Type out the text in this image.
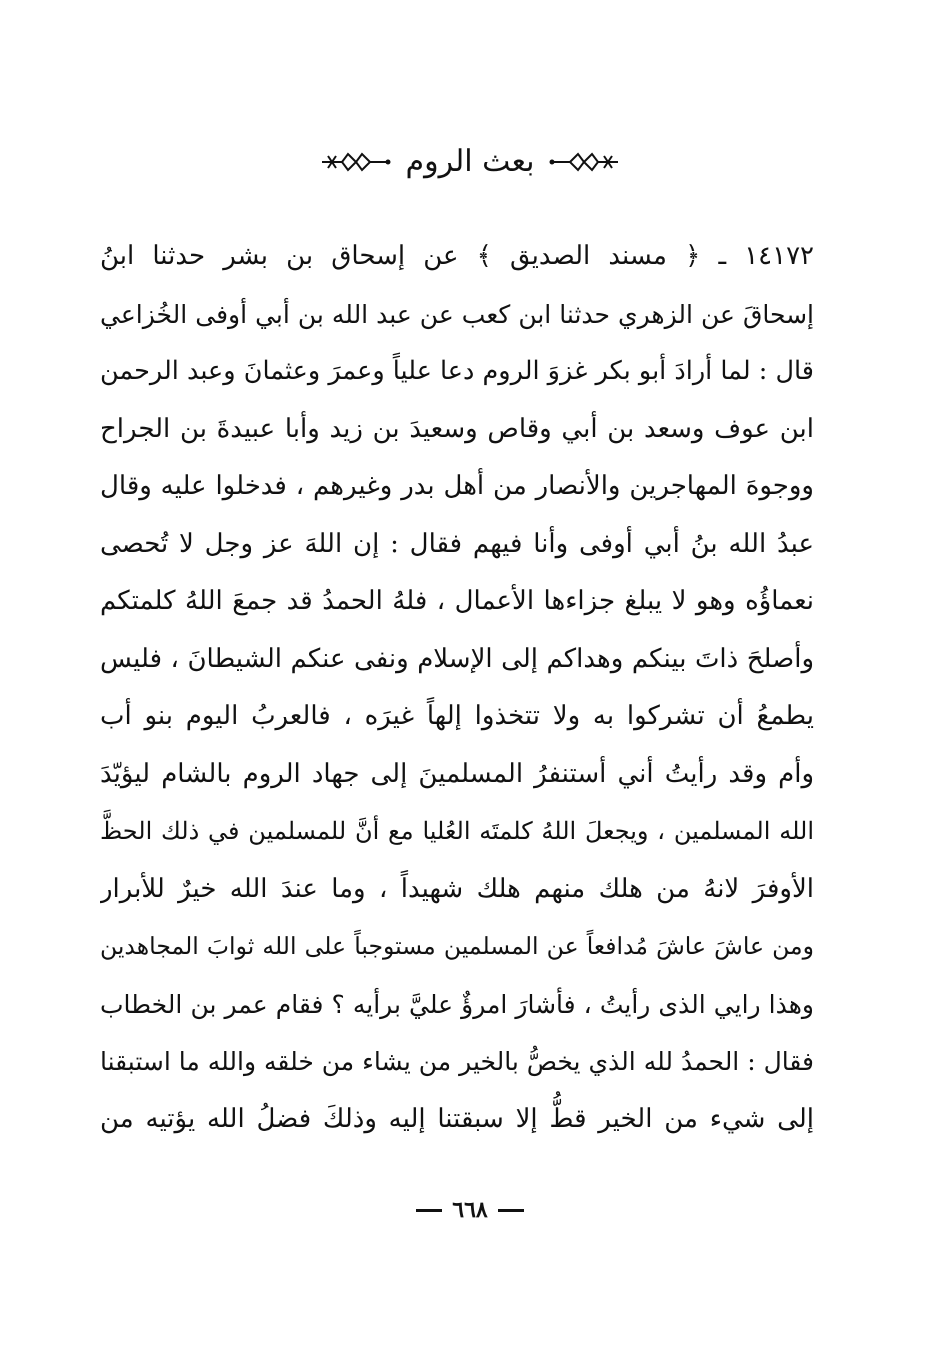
بعث الروم
١٤١٧٢ ـ ﴿ مسند الصديق ﴾ عن إسحاق بن بشر حدثنا ابنُ
إسحاقَ عن الزهري حدثنا ابن كعب عن عبد الله بن أبي أوفى الخُزاعي
قال : لما أرادَ أبو بكر غزوَ الروم دعا علياً وعمرَ وعثمانَ وعبد الرحمن
ابن عوف وسعد بن أبي وقاص وسعيدَ بن زيد وأبا عبيدةَ بن الجراح
ووجوهَ المهاجرين والأنصار من أهل بدر وغيرهم ، فدخلوا عليه وقال
عبدُ الله بنُ أبي أوفى وأنا فيهم فقال : إن اللهَ عز وجل لا تُحصى
نعماؤُه وهو لا يبلغ جزاءها الأعمال ، فلهُ الحمدُ قد جمعَ اللهُ كلمتكم
وأصلحَ ذاتَ بينكم وهداكم إلى الإسلام ونفى عنكم الشيطانَ ، فليس
يطمعُ أن تشركوا به ولا تتخذوا إلهاً غيرَه ، فالعربُ اليوم بنو أب
وأم وقد رأيتُ أني أستنفرُ المسلمينَ إلى جهاد الروم بالشام ليؤيّدَ
الله المسلمين ، ويجعلَ اللهُ كلمتَه العُليا مع أنَّ للمسلمين في ذلك الحظَّ
الأوفرَ لانهُ من هلك منهم هلك شهيداً ، وما عندَ الله خيرٌ للأبرار
ومن عاشَ عاشَ مُدافعاً عن المسلمين مستوجباً على الله ثوابَ المجاهدين
وهذا رايي الذى رأيتُ ، فأشارَ امرؤٌ عليَّ برأيه ؟ فقام عمر بن الخطاب
فقال : الحمدُ لله الذي يخصُّ بالخير من يشاء من خلقه والله ما استبقنا
إلى شيء من الخير قطُّ إلا سبقتنا إليه وذلكَ فضلُ الله يؤتيه من
٦٦٨
